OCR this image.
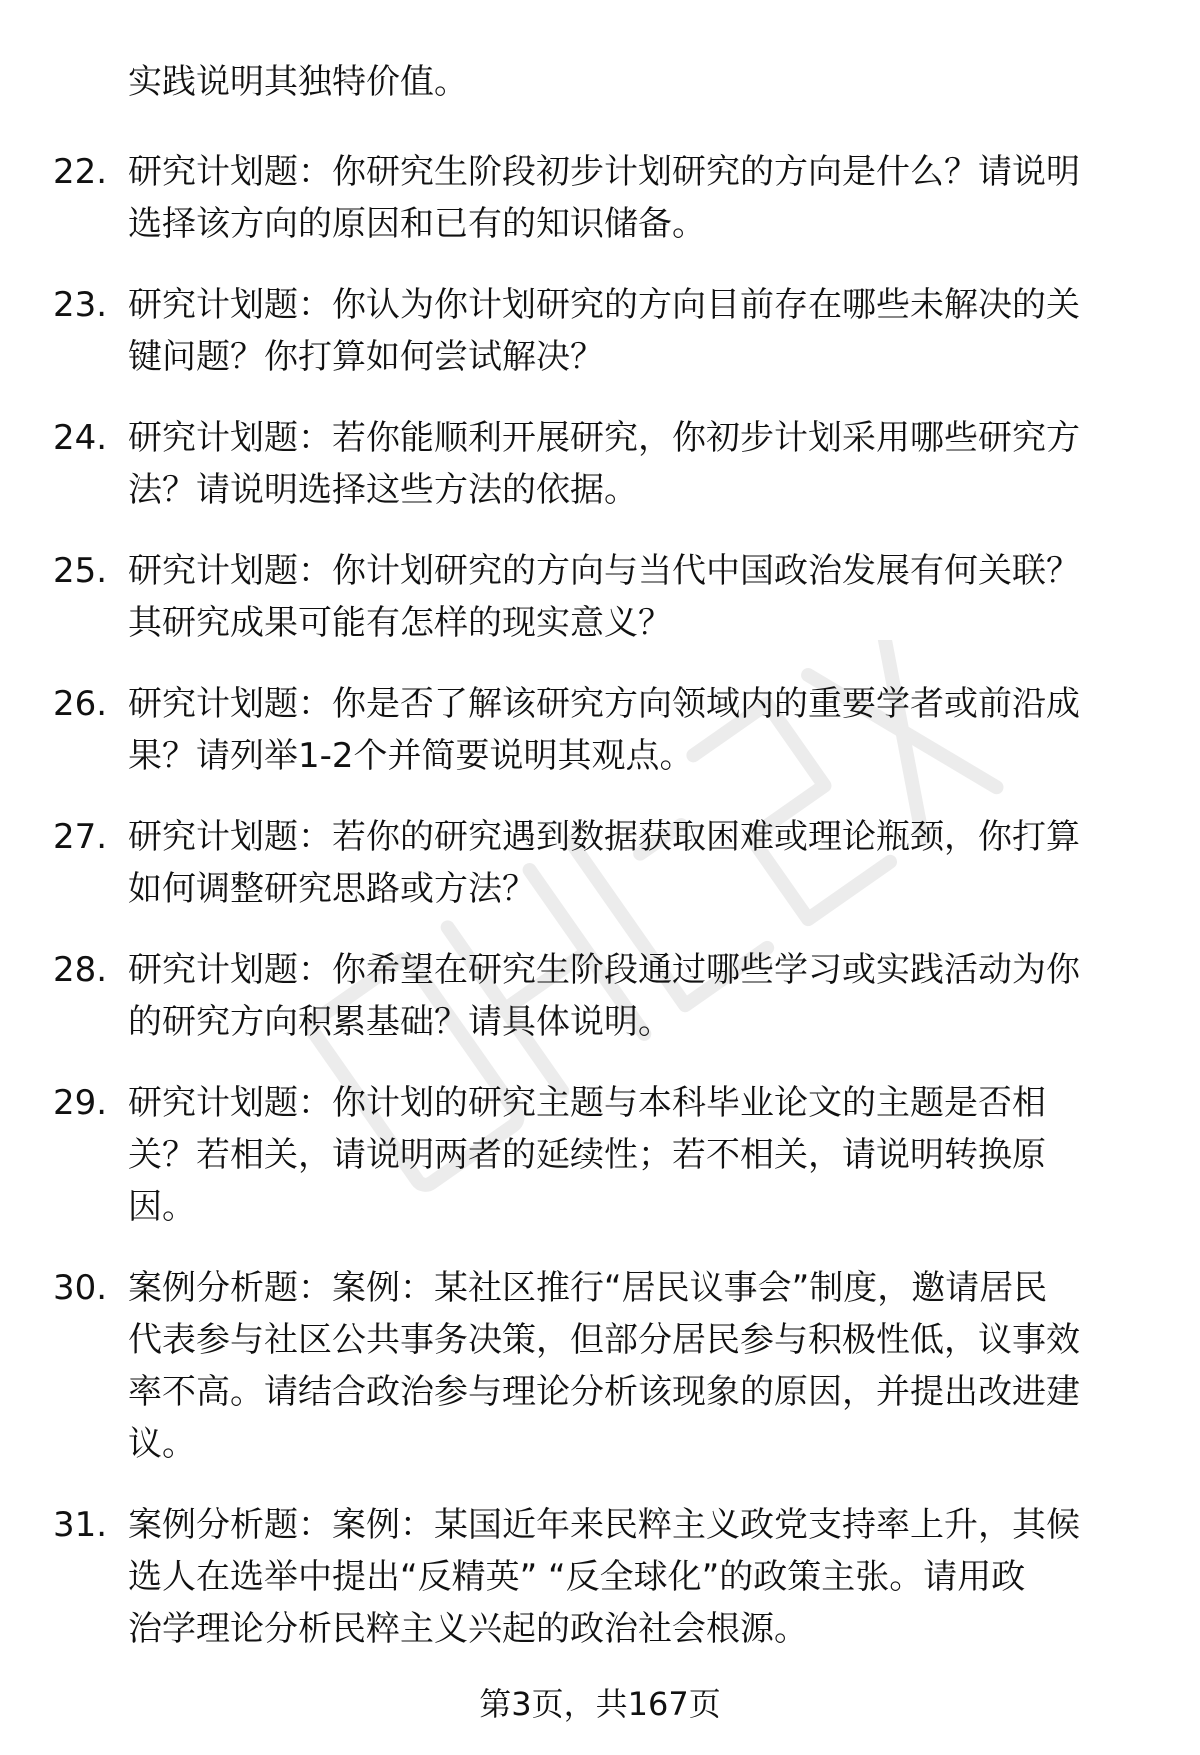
实践说明其独特价值。
22. 研究计划题：你研究生阶段初步计划研究的方向是什么？请说明
选择该方向的原因和已有的知识储备。
23. 研究计划题：你认为你计划研究的方向目前存在哪些未解决的关
键问题？你打算如何尝试解决？
24. 研究计划题：若你能顺利开展研究，你初步计划采用哪些研究方
法？请说明选择这些方法的依据。
25. 研究计划题：你计划研究的方向与当代中国政治发展有何关联？
其研究成果可能有怎样的现实意义？
26. 研究计划题：你是否了解该研究方向领域内的重要学者或前沿成
果？请列举1-2个并简要说明其观点。
27. 研究计划题：若你的研究遇到数据获取困难或理论瓶颈，你打算
如何调整研究思路或方法？
28. 研究计划题：你希望在研究生阶段通过哪些学习或实践活动为你
的研究方向积累基础？请具体说明。
29. 研究计划题：你计划的研究主题与本科毕业论文的主题是否相
关？若相关，请说明两者的延续性；若不相关，请说明转换原
因。
30. 案例分析题：案例：某社区推行“居民议事会”制度，邀请居民
代表参与社区公共事务决策，但部分居民参与积极性低，议事效
率不高。请结合政治参与理论分析该现象的原因，并提出改进建
议。
31. 案例分析题：案例：某国近年来民粹主义政党支持率上升，其候
选人在选举中提出“反精英” “反全球化”的政策主张。请用政
治学理论分析民粹主义兴起的政治社会根源。
第3页，共167页
